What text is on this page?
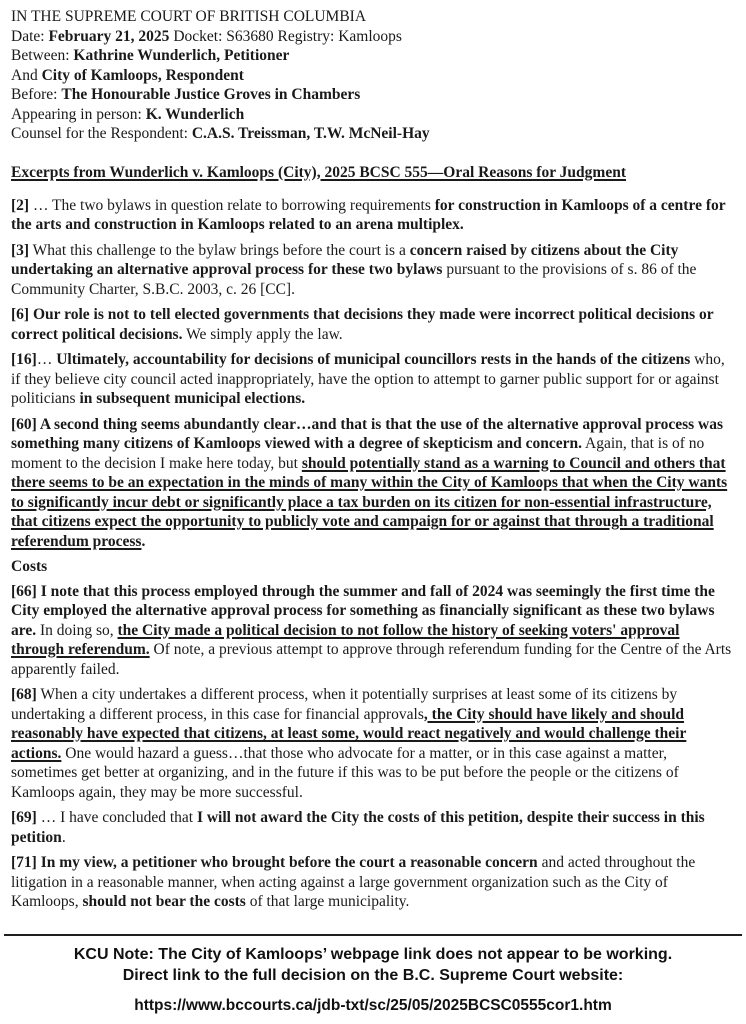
IN THE SUPREME COURT OF BRITISH COLUMBIA
Date: February 21, 2025 Docket: S63680 Registry: Kamloops
Between: Kathrine Wunderlich, Petitioner
And City of Kamloops, Respondent
Before: The Honourable Justice Groves in Chambers
Appearing in person: K. Wunderlich
Counsel for the Respondent: C.A.S. Treissman, T.W. McNeil-Hay
Excerpts from Wunderlich v. Kamloops (City), 2025 BCSC 555—Oral Reasons for Judgment

[2] … The two bylaws in question relate to borrowing requirements for construction in Kamloops of a centre for the arts and construction in Kamloops related to an arena multiplex.

[3] What this challenge to the bylaw brings before the court is a concern raised by citizens about the City undertaking an alternative approval process for these two bylaws pursuant to the provisions of s. 86 of the Community Charter, S.B.C. 2003, c. 26 [CC].

[6] Our role is not to tell elected governments that decisions they made were incorrect political decisions or correct political decisions. We simply apply the law.

[16]… Ultimately, accountability for decisions of municipal councillors rests in the hands of the citizens who, if they believe city council acted inappropriately, have the option to attempt to garner public support for or against politicians in subsequent municipal elections.

[60] A second thing seems abundantly clear…and that is that the use of the alternative approval process was something many citizens of Kamloops viewed with a degree of skepticism and concern. Again, that is of no moment to the decision I make here today, but should potentially stand as a warning to Council and others that there seems to be an expectation in the minds of many within the City of Kamloops that when the City wants to significantly incur debt or significantly place a tax burden on its citizen for non-essential infrastructure, that citizens expect the opportunity to publicly vote and campaign for or against that through a traditional referendum process.

Costs

[66] I note that this process employed through the summer and fall of 2024 was seemingly the first time the City employed the alternative approval process for something as financially significant as these two bylaws are. In doing so, the City made a political decision to not follow the history of seeking voters' approval through referendum. Of note, a previous attempt to approve through referendum funding for the Centre of the Arts apparently failed.

[68] When a city undertakes a different process, when it potentially surprises at least some of its citizens by undertaking a different process, in this case for financial approvals, the City should have likely and should reasonably have expected that citizens, at least some, would react negatively and would challenge their actions. One would hazard a guess…that those who advocate for a matter, or in this case against a matter, sometimes get better at organizing, and in the future if this was to be put before the people or the citizens of Kamloops again, they may be more successful.

[69] … I have concluded that I will not award the City the costs of this petition, despite their success in this petition.

[71] In my view, a petitioner who brought before the court a reasonable concern and acted throughout the litigation in a reasonable manner, when acting against a large government organization such as the City of Kamloops, should not bear the costs of that large municipality.

KCU Note: The City of Kamloops’ webpage link does not appear to be working.
Direct link to the full decision on the B.C. Supreme Court website:
https://www.bccourts.ca/jdb-txt/sc/25/05/2025BCSC0555cor1.htm
